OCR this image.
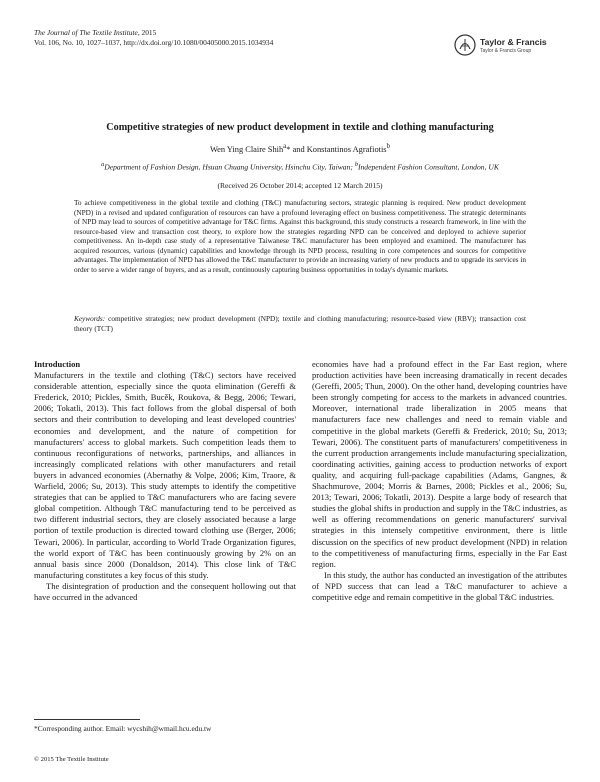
The Journal of The Textile Institute, 2015
Vol. 106, No. 10, 1027–1037, http://dx.doi.org/10.1080/00405000.2015.1034934	Taylor & Francis
Taylor & Francis Group
Competitive strategies of new product development in textile and clothing manufacturing
Wen Ying Claire Shih$^a$* and Konstantinos Agrafiotis$^b$
$^a$Department of Fashion Design, Hsuan Chuang University, Hsinchu City, Taiwan; $^b$Independent Fashion Consultant, London, UK
(Received 26 October 2014; accepted 12 March 2015)
To achieve competitiveness in the global textile and clothing (T&C) manufacturing sectors, strategic planning is required. New product development (NPD) in a revised and updated configuration of resources can have a profound leveraging effect on business competitiveness. The strategic determinants of NPD may lead to sources of competitive advantage for T&C firms. Against this background, this study constructs a research framework, in line with the resource-based view and transaction cost theory, to explore how the strategies regarding NPD can be conceived and deployed to achieve superior competitiveness. An in-depth case study of a representative Taiwanese T&C manufacturer has been employed and examined. The manufacturer has acquired resources, various (dynamic) capabilities and knowledge through its NPD process, resulting in core competences and sources for competitive advantages. The implementation of NPD has allowed the T&C manufacturer to provide an increasing variety of new products and to upgrade its services in order to serve a wider range of buyers, and as a result, continuously capturing business opportunities in today's dynamic markets.
Keywords: competitive strategies; new product development (NPD); textile and clothing manufacturing; resource-based view (RBV); transaction cost theory (TCT)

Introduction

Manufacturers in the textile and clothing (T&C) sectors have received considerable attention, especially since the quota elimination (Gereffi & Frederick, 2010; Pickles, Smith, Bucěk, Roukova, & Begg, 2006; Tewari, 2006; Tokatli, 2013). This fact follows from the global dispersal of both sectors and their contribution to developing and least developed countries' economies and development, and the nature of competition for manufacturers' access to global markets. Such competition leads them to continuous reconfigurations of networks, partnerships, and alliances in increasingly complicated relations with other manufacturers and retail buyers in advanced economies (Abernathy & Volpe, 2006; Kim, Traore, & Warfield, 2006; Su, 2013). This study attempts to identify the competitive strategies that can be applied to T&C manufacturers who are facing severe global competition. Although T&C manufacturing tend to be perceived as two different industrial sectors, they are closely associated because a large portion of textile production is directed toward clothing use (Berger, 2006; Tewari, 2006). In particular, according to World Trade Organization figures, the world export of T&C has been continuously growing by 2% on an annual basis since 2000 (Donaldson, 2014). This close link of T&C manufacturing constitutes a key focus of this study.

The disintegration of production and the consequent hollowing out that have occurred in the advanced

economies have had a profound effect in the Far East region, where production activities have been increasing dramatically in recent decades (Gereffi, 2005; Thun, 2000). On the other hand, developing countries have been strongly competing for access to the markets in advanced countries. Moreover, international trade liberalization in 2005 means that manufacturers face new challenges and need to remain viable and competitive in the global markets (Gereffi & Frederick, 2010; Su, 2013; Tewari, 2006). The constituent parts of manufacturers' competitiveness in the current production arrangements include manufacturing specialization, coordinating activities, gaining access to production networks of export quality, and acquiring full-package capabilities (Adams, Gangnes, & Shachmurove, 2004; Morris & Barnes, 2008; Pickles et al., 2006; Su, 2013; Tewari, 2006; Tokatli, 2013). Despite a large body of research that studies the global shifts in production and supply in the T&C industries, as well as offering recommendations on generic manufacturers' survival strategies in this intensely competitive environment, there is little discussion on the specifics of new product development (NPD) in relation to the competitiveness of manufacturing firms, especially in the Far East region.

In this study, the author has conducted an investigation of the attributes of NPD success that can lead a T&C manufacturer to achieve a competitive edge and remain competitive in the global T&C industries.

*Corresponding author. Email: wycshih@wmail.hcu.edu.tw
© 2015 The Textile Institute
